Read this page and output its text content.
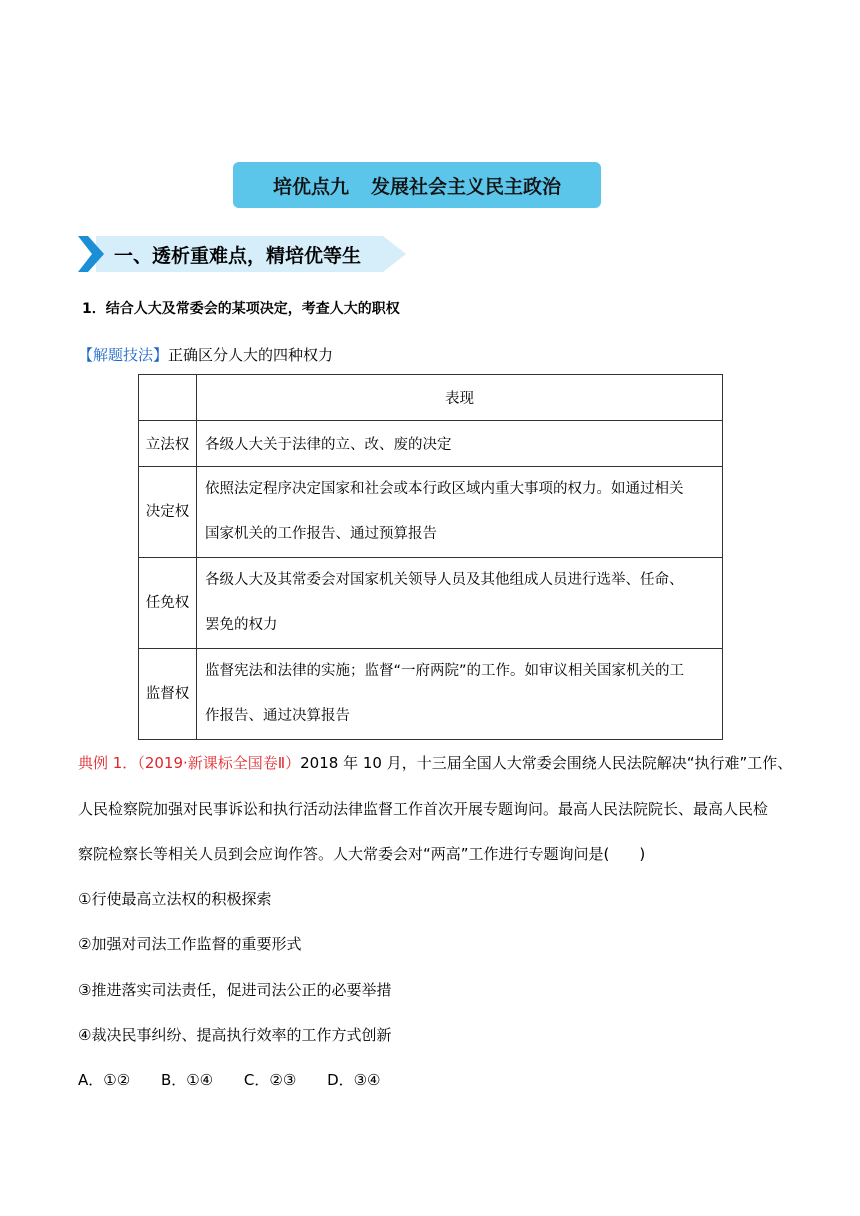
培优点九 发展社会主义民主政治
一、透析重难点，精培优等生
1．结合人大及常委会的某项决定，考查人大的职权
【解题技法】正确区分人大的四种权力
	表现
立法权	各级人大关于法律的立、改、废的决定
决定权	依照法定程序决定国家和社会或本行政区域内重大事项的权力。如通过相关
国家机关的工作报告、通过预算报告
任免权	各级人大及其常委会对国家机关领导人员及其他组成人员进行选举、任命、
罢免的权力
监督权	监督宪法和法律的实施；监督“一府两院”的工作。如审议相关国家机关的工
作报告、通过决算报告
典例 1．（2019·新课标全国卷Ⅱ）2018 年 10 月，十三届全国人大常委会围绕人民法院解决“执行难”工作、
人民检察院加强对民事诉讼和执行活动法律监督工作首次开展专题询问。最高人民法院院长、最高人民检
察院检察长等相关人员到会应询作答。人大常委会对“两高”工作进行专题询问是(　　)
①行使最高立法权的积极探索
②加强对司法工作监督的重要形式
③推进落实司法责任，促进司法公正的必要举措
④裁决民事纠纷、提高执行效率的工作方式创新
A．①② B．①④ C．②③ D．③④
